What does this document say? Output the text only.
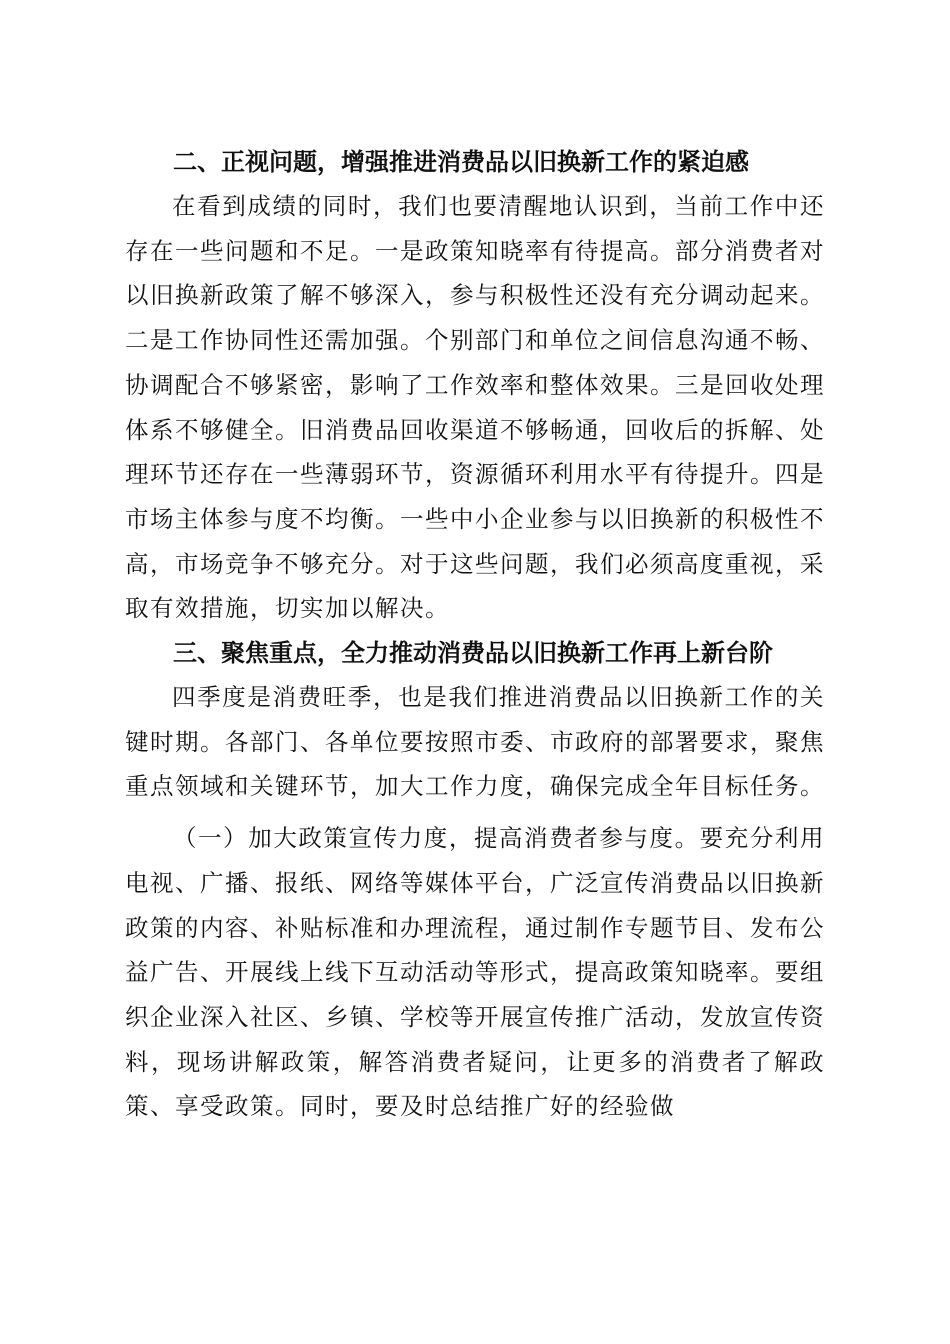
二、正视问题，增强推进消费品以旧换新工作的紧迫感

在看到成绩的同时，我们也要清醒地认识到，当前工作中还存在一些问题和不足。一是政策知晓率有待提高。部分消费者对以旧换新政策了解不够深入，参与积极性还没有充分调动起来。二是工作协同性还需加强。个别部门和单位之间信息沟通不畅、协调配合不够紧密，影响了工作效率和整体效果。三是回收处理体系不够健全。旧消费品回收渠道不够畅通，回收后的拆解、处理环节还存在一些薄弱环节，资源循环利用水平有待提升。四是市场主体参与度不均衡。一些中小企业参与以旧换新的积极性不高，市场竞争不够充分。对于这些问题，我们必须高度重视，采取有效措施，切实加以解决。

三、聚焦重点，全力推动消费品以旧换新工作再上新台阶

四季度是消费旺季，也是我们推进消费品以旧换新工作的关键时期。各部门、各单位要按照市委、市政府的部署要求，聚焦重点领域和关键环节，加大工作力度，确保完成全年目标任务。

（一）加大政策宣传力度，提高消费者参与度。要充分利用电视、广播、报纸、网络等媒体平台，广泛宣传消费品以旧换新政策的内容、补贴标准和办理流程，通过制作专题节目、发布公益广告、开展线上线下互动活动等形式，提高政策知晓率。要组织企业深入社区、乡镇、学校等开展宣传推广活动，发放宣传资料，现场讲解政策，解答消费者疑问，让更多的消费者了解政策、享受政策。同时，要及时总结推广好的经验做
